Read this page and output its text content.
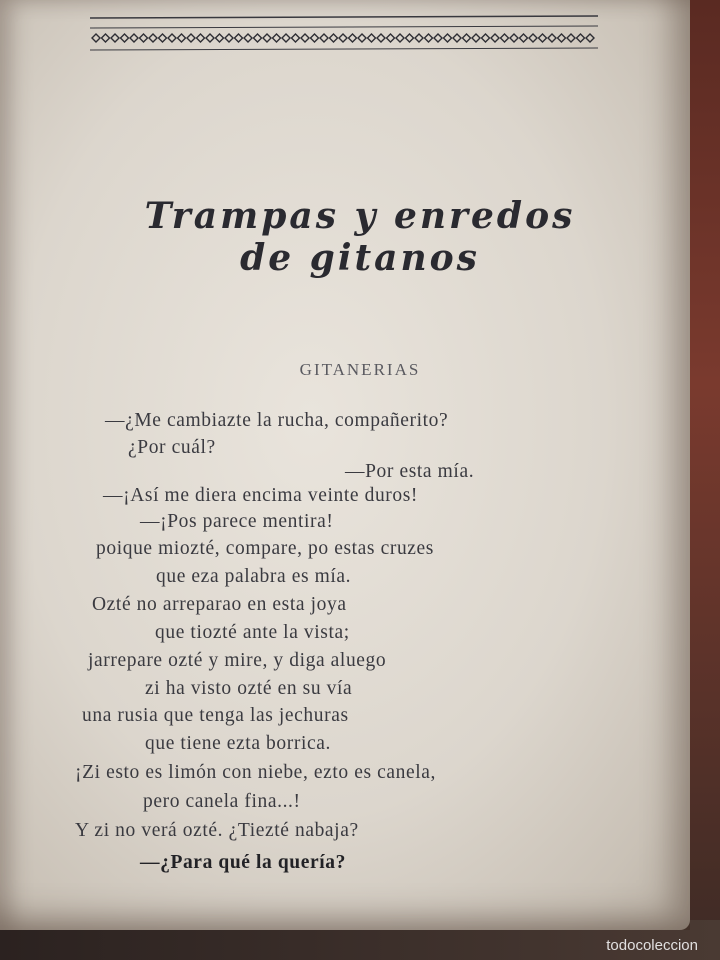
Trampas y enredos
de gitanos
GITANERIAS
—¿Me cambiazte la rucha, compañerito?
¿Por cuál?
—Por esta mía.
—¡Así me diera encima veinte duros!
—¡Pos parece mentira!
poique miozté, compare, po estas cruzes
que eza palabra es mía.
Ozté no arreparao en esta joya
que tiozté ante la vista;
jarrepare ozté y mire, y diga aluego
zi ha visto ozté en su vía
una rusia que tenga las jechuras
que tiene ezta borrica.
¡Zi esto es limón con niebe, ezto es canela,
pero canela fina...!
Y zi no verá ozté. ¿Tiezté nabaja?
—¿Para qué la quería?
todocoleccion
